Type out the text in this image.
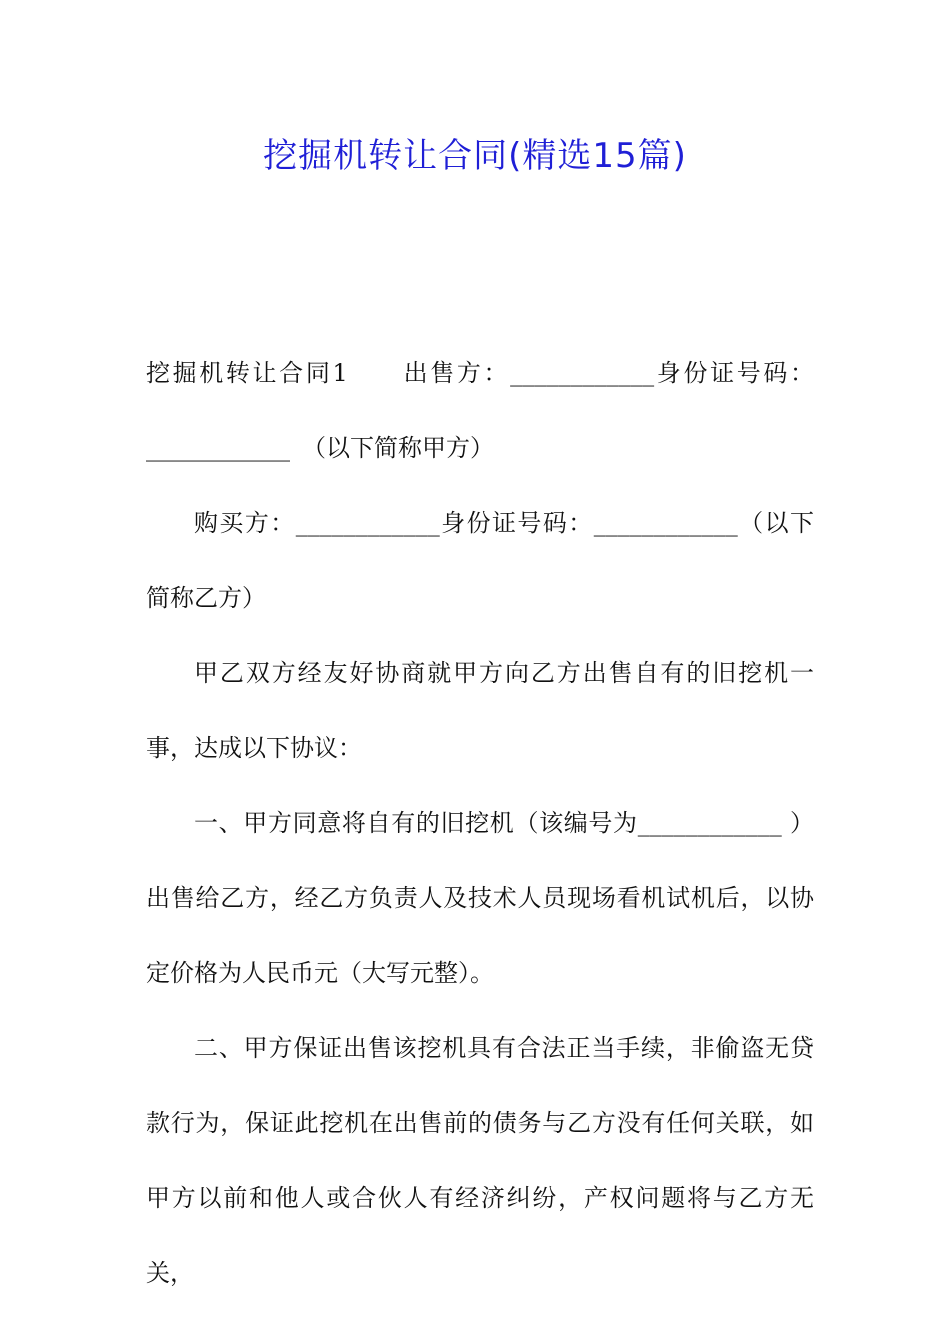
挖掘机转让合同(精选15篇)

挖掘机转让合同1　　出售方：____________身份证号码：____________　（以下简称甲方）

购买方：____________身份证号码：____________（以下简称乙方）

甲乙双方经友好协商就甲方向乙方出售自有的旧挖机一事，达成以下协议：

一、甲方同意将自有的旧挖机（该编号为____________ ）出售给乙方，经乙方负责人及技术人员现场看机试机后，以协定价格为人民币元（大写元整）。

二、甲方保证出售该挖机具有合法正当手续，非偷盗无贷款行为，保证此挖机在出售前的债务与乙方没有任何关联，如甲方以前和他人或合伙人有经济纠纷，产权问题将与乙方无关，
